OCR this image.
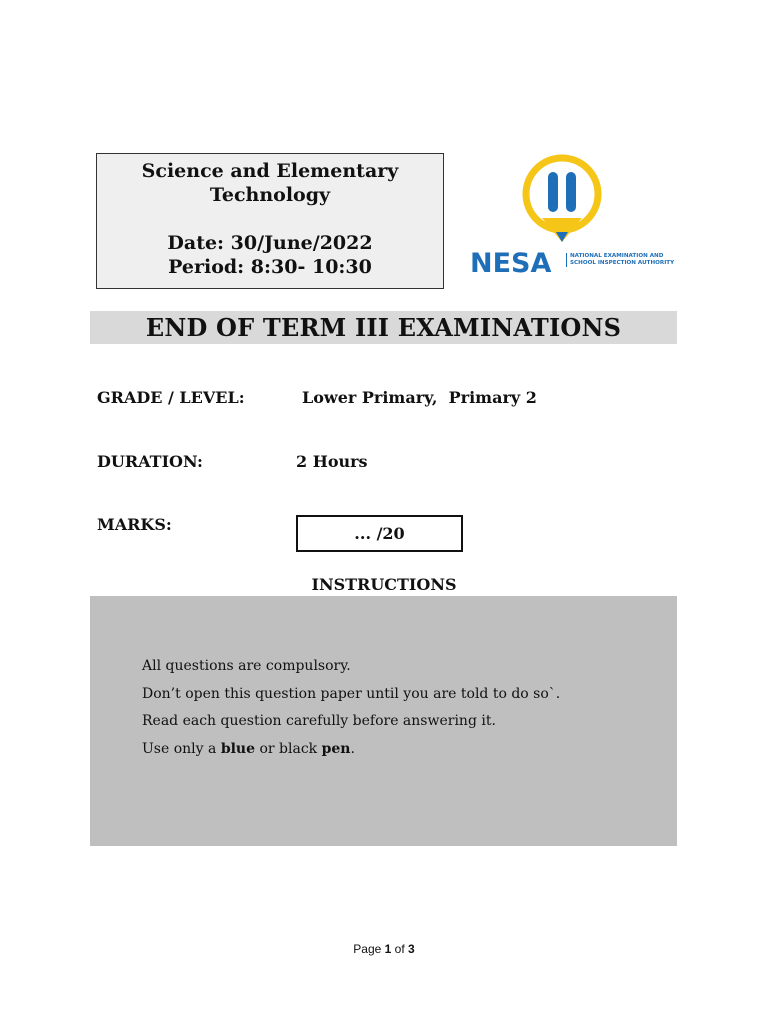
Science and Elementary
Technology
Date: 30/June/2022
Period: 8:30- 10:30	NESA	NATIONAL EXAMINATION AND SCHOOL INSPECTION AUTHORITY
END OF TERM III EXAMINATIONS
GRADE / LEVEL:	Lower Primary,  Primary 2
DURATION:	2 Hours
MARKS:	... /20
INSTRUCTIONS
All questions are compulsory.
Don’t open this question paper until you are told to do so`.
Read each question carefully before answering it.
Use only a blue or black pen.
Page 1 of 3
